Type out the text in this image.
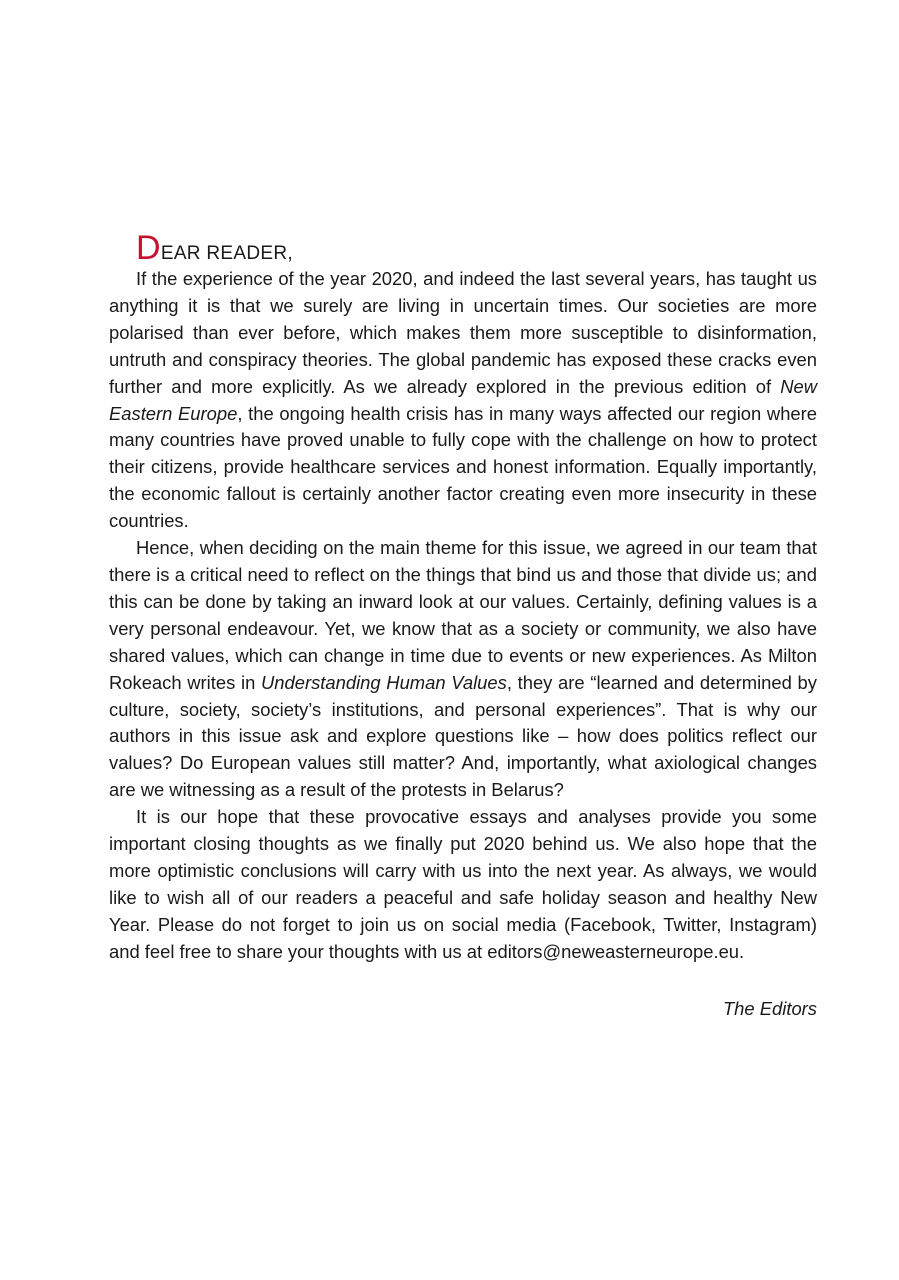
DEAR READER,

If the experience of the year 2020, and indeed the last several years, has taught us anything it is that we surely are living in uncertain times. Our societies are more polarised than ever before, which makes them more susceptible to disinformation, untruth and conspiracy theories. The global pandemic has exposed these cracks even further and more explicitly. As we already explored in the previous edition of New Eastern Europe, the ongoing health crisis has in many ways affected our region where many countries have proved unable to fully cope with the challenge on how to protect their citizens, provide healthcare services and honest information. Equally importantly, the economic fallout is certainly another factor creating even more insecurity in these countries.

Hence, when deciding on the main theme for this issue, we agreed in our team that there is a critical need to reflect on the things that bind us and those that divide us; and this can be done by taking an inward look at our values. Certainly, defining values is a very personal endeavour. Yet, we know that as a society or community, we also have shared values, which can change in time due to events or new experiences. As Milton Rokeach writes in Understanding Human Values, they are “learned and determined by culture, society, society’s institutions, and personal experiences”. That is why our authors in this issue ask and explore questions like – how does politics reflect our values? Do European values still matter? And, importantly, what axiological changes are we witnessing as a result of the protests in Belarus?

It is our hope that these provocative essays and analyses provide you some important closing thoughts as we finally put 2020 behind us. We also hope that the more optimistic conclusions will carry with us into the next year. As always, we would like to wish all of our readers a peaceful and safe holiday season and healthy New Year. Please do not forget to join us on social media (Facebook, Twitter, Instagram) and feel free to share your thoughts with us at editors@neweasterneurope.eu.

The Editors
